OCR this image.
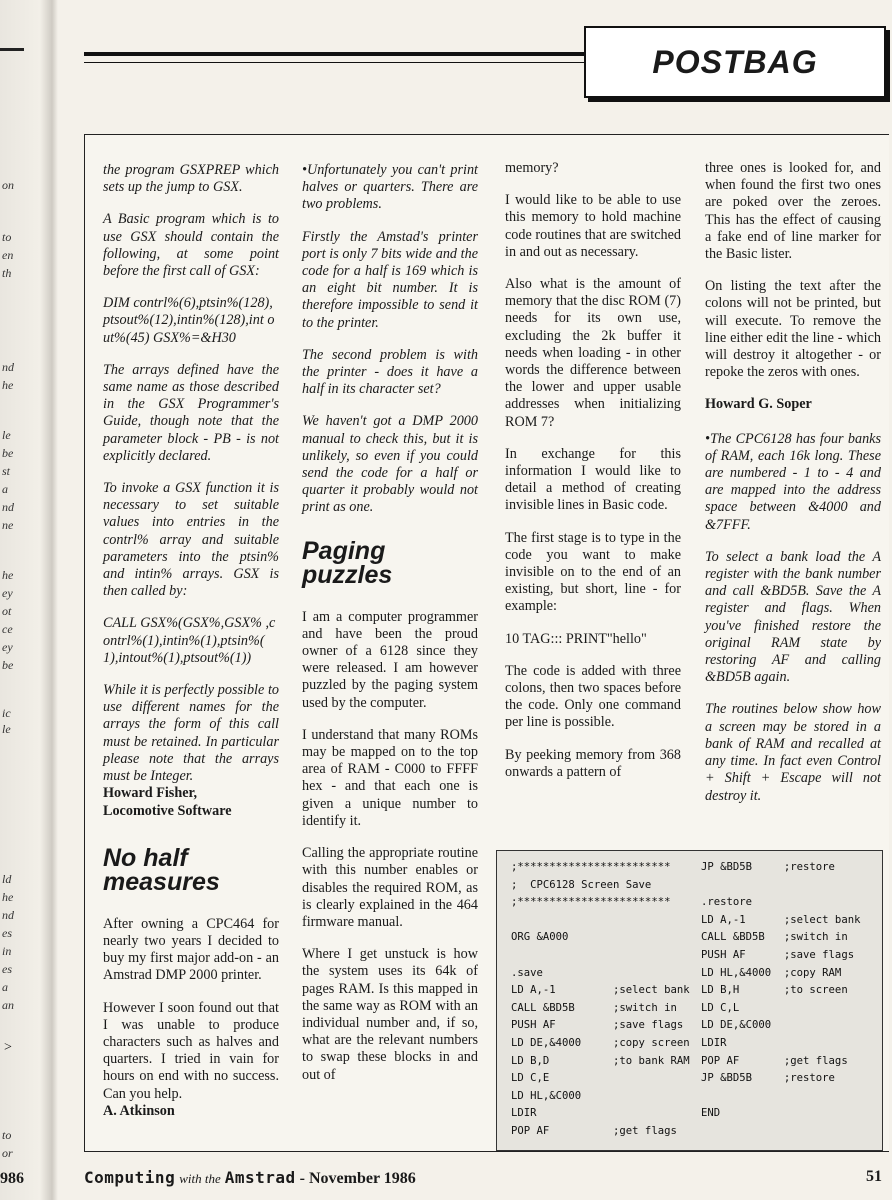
on
to
en
th
nd
he
le
be
st
a
nd
ne
he
ey
ot
ce
ey
be
ic
le
ld
he
nd
es
in
es
a
an
to
or
>
986
POSTBAG

the program GSXPREP which sets up the jump to GSX.

A Basic program which is to use GSX should contain the following, at some point before the first call of GSX:

DIM contrl%(6),ptsin%(128), ptsout%(12),intin%(128),int out%(45) GSX%=&H30

The arrays defined have the same name as those described in the GSX Programmer's Guide, though note that the parameter block - PB - is not explicitly declared.

To invoke a GSX function it is necessary to set suitable values into entries in the contrl% array and suitable parameters into the ptsin% and intin% arrays. GSX is then called by:

CALL GSX%(GSX%,GSX% ,contrl%(1),intin%(1),ptsin%( 1),intout%(1),ptsout%(1))

While it is perfectly possible to use different names for the arrays the form of this call must be retained. In particular please note that the arrays must be Integer.

Howard Fisher,

Locomotive Software

No half measures

After owning a CPC464 for nearly two years I decided to buy my first major add-on - an Amstrad DMP 2000 printer.

However I soon found out that I was unable to produce characters such as halves and quarters. I tried in vain for hours on end with no success. Can you help.

A. Atkinson

•Unfortunately you can't print halves or quarters. There are two problems.

Firstly the Amstad's printer port is only 7 bits wide and the code for a half is 169 which is an eight bit number. It is therefore impossible to send it to the printer.

The second problem is with the printer - does it have a half in its character set?

We haven't got a DMP 2000 manual to check this, but it is unlikely, so even if you could send the code for a half or quarter it probably would not print as one.

Paging puzzles

I am a computer programmer and have been the proud owner of a 6128 since they were released. I am however puzzled by the paging system used by the computer.

I understand that many ROMs may be mapped on to the top area of RAM - C000 to FFFF hex - and that each one is given a unique number to identify it.

Calling the appropriate routine with this number enables or disables the required ROM, as is clearly explained in the 464 firmware manual.

Where I get unstuck is how the system uses its 64k of pages RAM. Is this mapped in the same way as ROM with an individual number and, if so, what are the relevant numbers to swap these blocks in and out of

memory?

I would like to be able to use this memory to hold machine code routines that are switched in and out as necessary.

Also what is the amount of memory that the disc ROM (7) needs for its own use, excluding the 2k buffer it needs when loading - in other words the difference between the lower and upper usable addresses when initializing ROM 7?

In exchange for this information I would like to detail a method of creating invisible lines in Basic code.

The first stage is to type in the code you want to make invisible on to the end of an existing, but short, line - for example:

10 TAG::: PRINT"hello"

The code is added with three colons, then two spaces before the code. Only one command per line is possible.

By peeking memory from 368 onwards a pattern of

three ones is looked for, and when found the first two ones are poked over the zeroes. This has the effect of causing a fake end of line marker for the Basic lister.

On listing the text after the colons will not be printed, but will execute. To remove the line either edit the line - which will destroy it altogether - or repoke the zeros with ones.

Howard G. Soper

•The CPC6128 has four banks of RAM, each 16k long. These are numbered - 1 to - 4 and are mapped into the address space between &4000 and &7FFF.

To select a bank load the A register with the bank number and call &BD5B. Save the A register and flags. When you've finished restore the original RAM state by restoring AF and calling &BD5B again.

The routines below show how a screen may be stored in a bank of RAM and recalled at any time. In fact even Control + Shift + Escape will not destroy it.

;************************
;  CPC6128 Screen Save
;************************
ORG &A000
.save
LD A,-1         ;select bank
CALL &BD5B      ;switch in
PUSH AF         ;save flags
LD DE,&4000     ;copy screen
LD B,D          ;to bank RAM
LD C,E
LD HL,&C000
LDIR
POP AF          ;get flags
JP &BD5B     ;restore
.restore
LD A,-1      ;select bank
CALL &BD5B   ;switch in
PUSH AF      ;save flags
LD HL,&4000  ;copy RAM
LD B,H       ;to screen
LD C,L
LD DE,&C000
LDIR
POP AF       ;get flags
JP &BD5B     ;restore
END
Computing with the Amstrad - November 1986	51
